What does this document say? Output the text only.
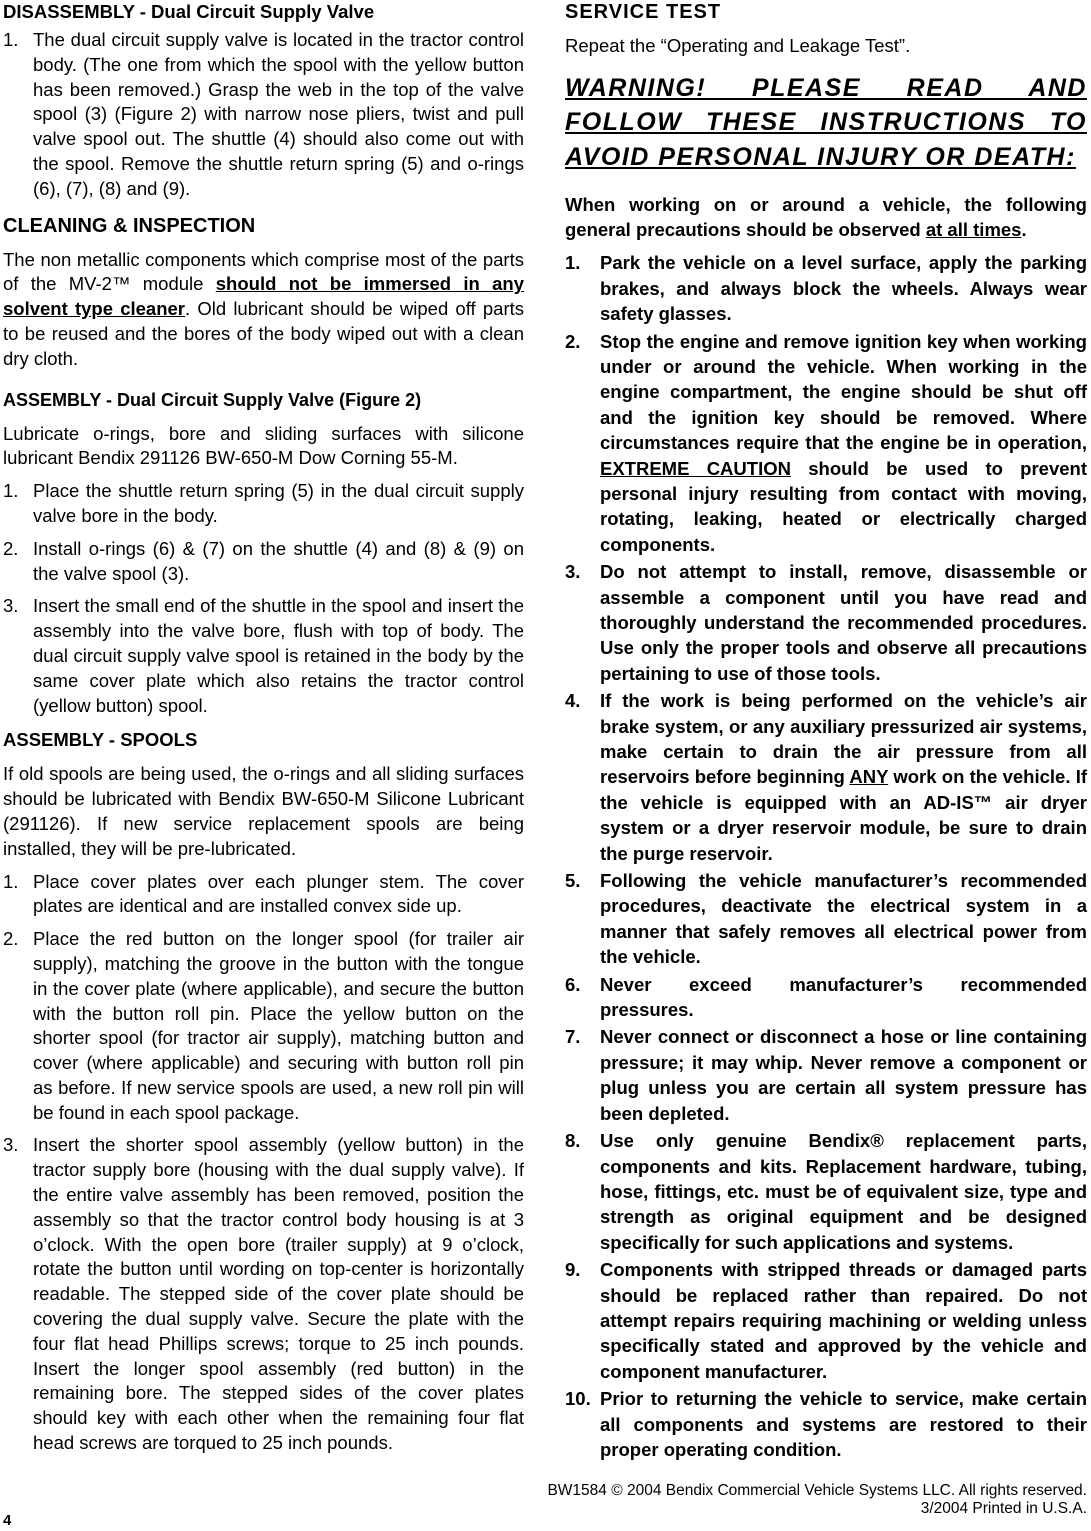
DISASSEMBLY - Dual Circuit Supply Valve
1. The dual circuit supply valve is located in the tractor control body. (The one from which the spool with the yellow button has been removed.) Grasp the web in the top of the valve spool (3) (Figure 2) with narrow nose pliers, twist and pull valve spool out. The shuttle (4) should also come out with the spool. Remove the shuttle return spring (5) and o-rings (6), (7), (8) and (9).
CLEANING & INSPECTION

The non metallic components which comprise most of the parts of the MV-2™ module should not be immersed in any solvent type cleaner. Old lubricant should be wiped off parts to be reused and the bores of the body wiped out with a clean dry cloth.

ASSEMBLY - Dual Circuit Supply Valve (Figure 2)

Lubricate o-rings, bore and sliding surfaces with silicone lubricant Bendix 291126 BW-650-M Dow Corning 55-M.

1. Place the shuttle return spring (5) in the dual circuit supply valve bore in the body.
2. Install o-rings (6) & (7) on the shuttle (4) and (8) & (9) on the valve spool (3).
3. Insert the small end of the shuttle in the spool and insert the assembly into the valve bore, flush with top of body. The dual circuit supply valve spool is retained in the body by the same cover plate which also retains the tractor control (yellow button) spool.
ASSEMBLY - SPOOLS

If old spools are being used, the o-rings and all sliding surfaces should be lubricated with Bendix BW-650-M Silicone Lubricant (291126). If new service replacement spools are being installed, they will be pre-lubricated.

1. Place cover plates over each plunger stem. The cover plates are identical and are installed convex side up.
2. Place the red button on the longer spool (for trailer air supply), matching the groove in the button with the tongue in the cover plate (where applicable), and secure the button with the button roll pin. Place the yellow button on the shorter spool (for tractor air supply), matching button and cover (where applicable) and securing with button roll pin as before. If new service spools are used, a new roll pin will be found in each spool package.
3. Insert the shorter spool assembly (yellow button) in the tractor supply bore (housing with the dual supply valve). If the entire valve assembly has been removed, position the assembly so that the tractor control body housing is at 3 o’clock. With the open bore (trailer supply) at 9 o’clock, rotate the button until wording on top-center is horizontally readable. The stepped side of the cover plate should be covering the dual supply valve. Secure the plate with the four flat head Phillips screws; torque to 25 inch pounds. Insert the longer spool assembly (red button) in the remaining bore. The stepped sides of the cover plates should key with each other when the remaining four flat head screws are torqued to 25 inch pounds.
SERVICE TEST

Repeat the “Operating and Leakage Test”.

WARNING! PLEASE READ AND FOLLOW THESE INSTRUCTIONS TO AVOID PERSONAL INJURY OR DEATH:
When working on or around a vehicle, the following general precautions should be observed at all times.
1. Park the vehicle on a level surface, apply the parking brakes, and always block the wheels. Always wear safety glasses.
2. Stop the engine and remove ignition key when working under or around the vehicle. When working in the engine compartment, the engine should be shut off and the ignition key should be removed. Where circumstances require that the engine be in operation, EXTREME CAUTION should be used to prevent personal injury resulting from contact with moving, rotating, leaking, heated or electrically charged components.
3. Do not attempt to install, remove, disassemble or assemble a component until you have read and thoroughly understand the recommended procedures. Use only the proper tools and observe all precautions pertaining to use of those tools.
4. If the work is being performed on the vehicle’s air brake system, or any auxiliary pressurized air systems, make certain to drain the air pressure from all reservoirs before beginning ANY work on the vehicle. If the vehicle is equipped with an AD-IS™ air dryer system or a dryer reservoir module, be sure to drain the purge reservoir.
5. Following the vehicle manufacturer’s recommended procedures, deactivate the electrical system in a manner that safely removes all electrical power from the vehicle.
6. Never exceed manufacturer’s recommended pressures.
7. Never connect or disconnect a hose or line containing pressure; it may whip. Never remove a component or plug unless you are certain all system pressure has been depleted.
8. Use only genuine Bendix® replacement parts, components and kits. Replacement hardware, tubing, hose, fittings, etc. must be of equivalent size, type and strength as original equipment and be designed specifically for such applications and systems.
9. Components with stripped threads or damaged parts should be replaced rather than repaired. Do not attempt repairs requiring machining or welding unless specifically stated and approved by the vehicle and component manufacturer.
10. Prior to returning the vehicle to service, make certain all components and systems are restored to their proper operating condition.
BW1584 © 2004 Bendix Commercial Vehicle Systems LLC. All rights reserved. 3/2004 Printed in U.S.A.
4
